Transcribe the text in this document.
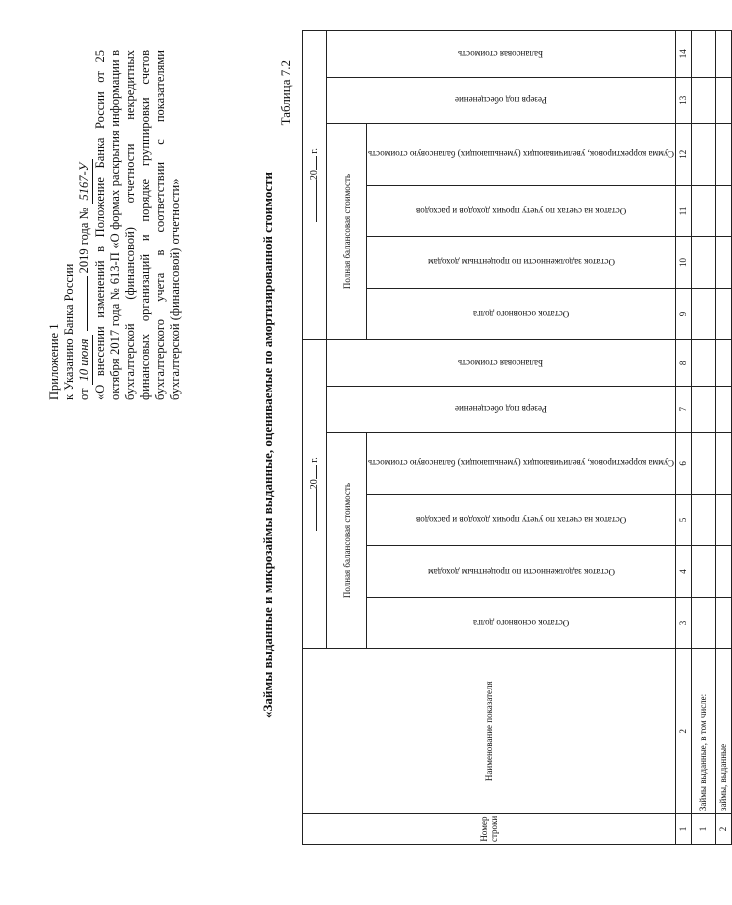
Приложение 1 к Указанию Банка России от 10 июня  2019 года № 5167-У «О внесении изменений в Положение Банка России от 25 октября 2017 года № 613-П «О формах раскрытия информации в бухгалтерской (финансовой) отчетности некредитных финансовых организаций и порядке группировки счетов бухгалтерского учета в соответствии с показателями бухгалтерской (финансовой) отчетности»
Таблица 7.2
«Займы выданные и микрозаймы выданные, оцениваемые по амортизированной стоимости
Номер строки	Наименование показателя	20 г.						20 г.					
		Полная балансовая стоимость				Резерв под обесценение	Балансовая стоимость	Полная балансовая стоимость				Резерв под обесценение	Балансовая стоимость

		Остаток основного долга	Остаток задолженности по процентным доходам	Остаток на счетах по учету прочих доходов и расходов	Сумма корректировок, увеличивающих (уменьшающих) балансовую стоимость			Остаток основного долга	Остаток задолженности по процентным доходам	Остаток на счетах по учету прочих доходов и расходов	Сумма корректировок, увеличивающих (уменьшающих) балансовую стоимость		

1	2	3	4	5	6	7	8	9	10	11	12	13	14
1	Займы выданные, в том числе:												
2	займы, выданные												
